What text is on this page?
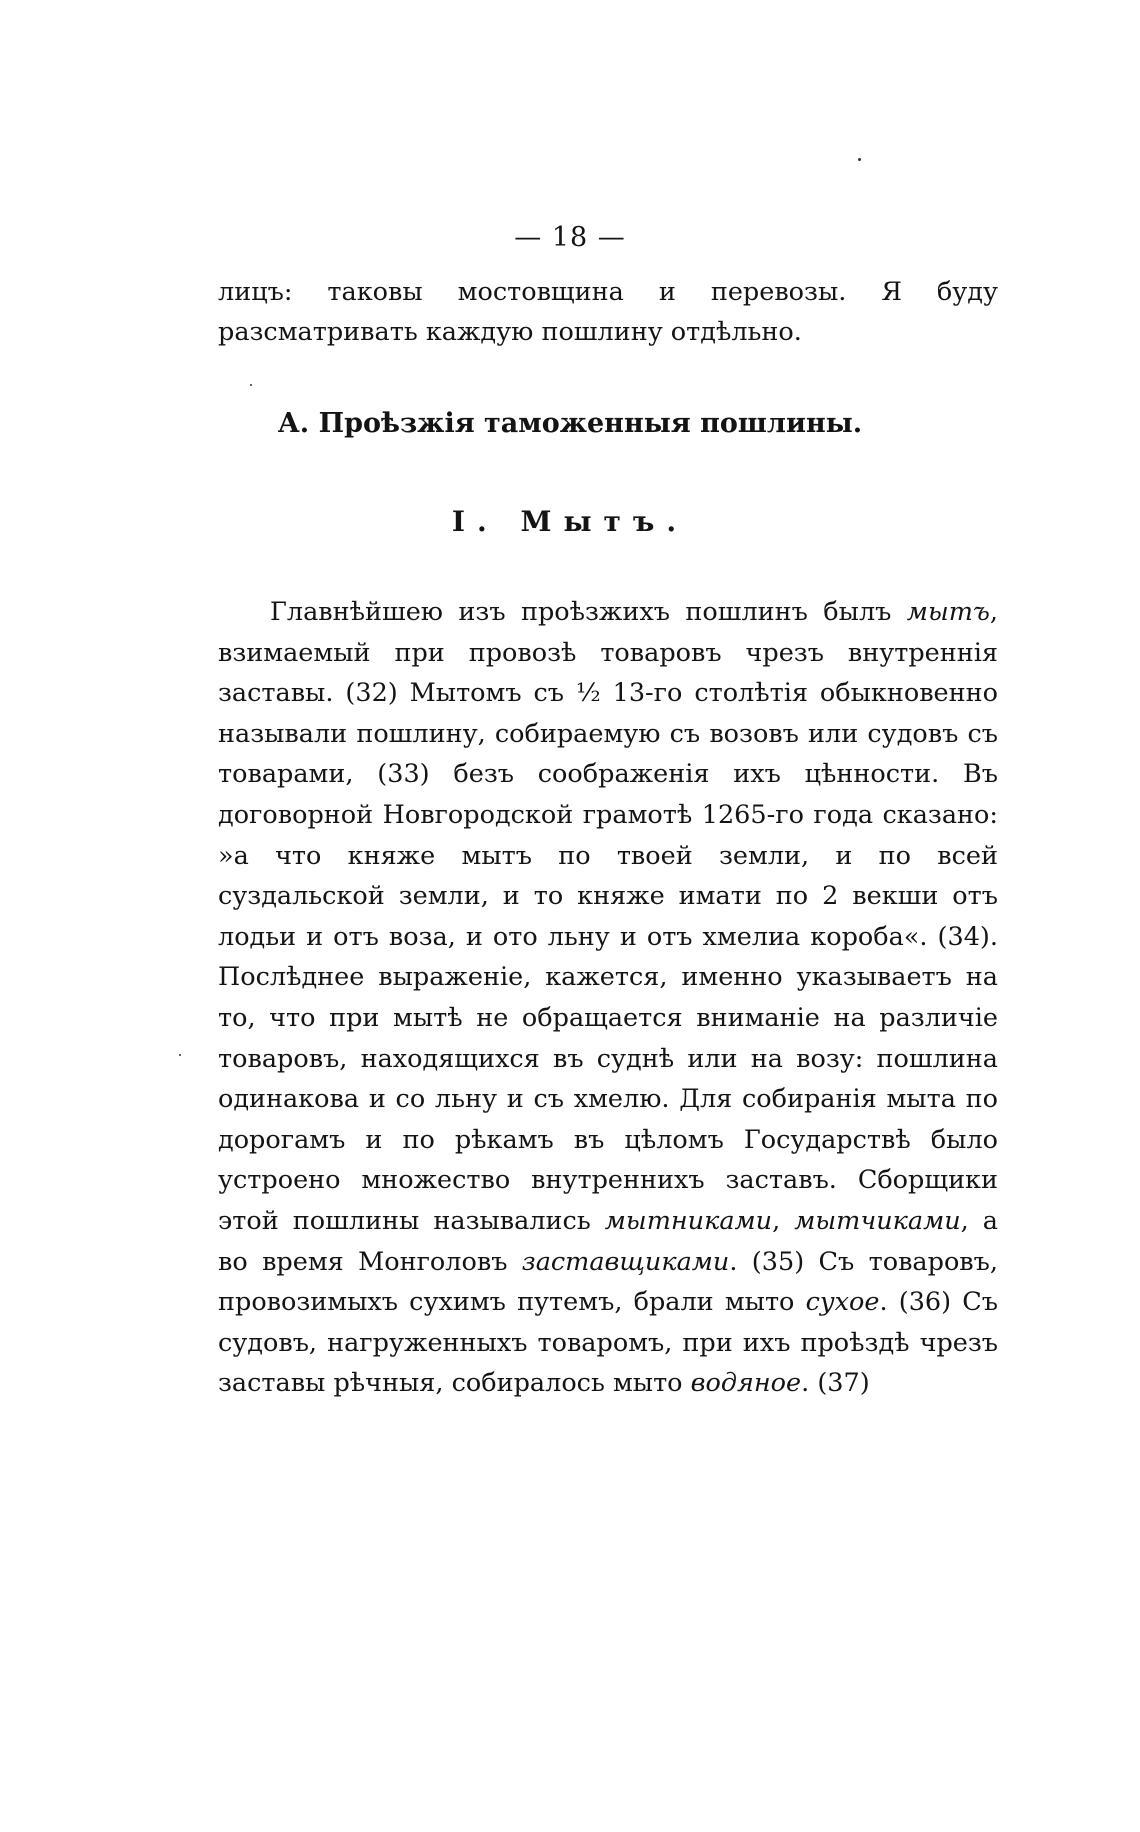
— 18 —

лицъ: таковы мостовщина и перевозы. Я буду разсматривать каждую пошлину отдѣльно.

А. Проѣзжія таможенныя пошлины.
I. Мытъ.

Главнѣйшею изъ проѣзжихъ пошлинъ былъ мытъ, взимаемый при провозѣ товаровъ чрезъ внутреннія заставы. (32) Мытомъ съ ½ 13-го столѣтія обыкновенно называли пошлину, собираемую съ возовъ или судовъ съ товарами, (33) безъ соображенія ихъ цѣнности. Въ договорной Новгородской грамотѣ 1265-го года сказано: »а что княже мытъ по твоей земли, и по всей суздальской земли, и то княже имати по 2 векши отъ лодьи и отъ воза, и ото льну и отъ хмелиа короба«. (34). Послѣднее выраженіе, кажется, именно указываетъ на то, что при мытѣ не обращается вниманіе на различіе товаровъ, находящихся въ суднѣ или на возу: пошлина одинакова и со льну и съ хмелю. Для собиранія мыта по дорогамъ и по рѣкамъ въ цѣломъ Государствѣ было устроено множество внутреннихъ заставъ. Сборщики этой пошлины назывались мытниками, мытчиками, а во время Монголовъ заставщиками. (35) Съ товаровъ, провозимыхъ сухимъ путемъ, брали мыто сухое. (36) Съ судовъ, нагруженныхъ товаромъ, при ихъ проѣздѣ чрезъ заставы рѣчныя, собиралось мыто водяное. (37)
